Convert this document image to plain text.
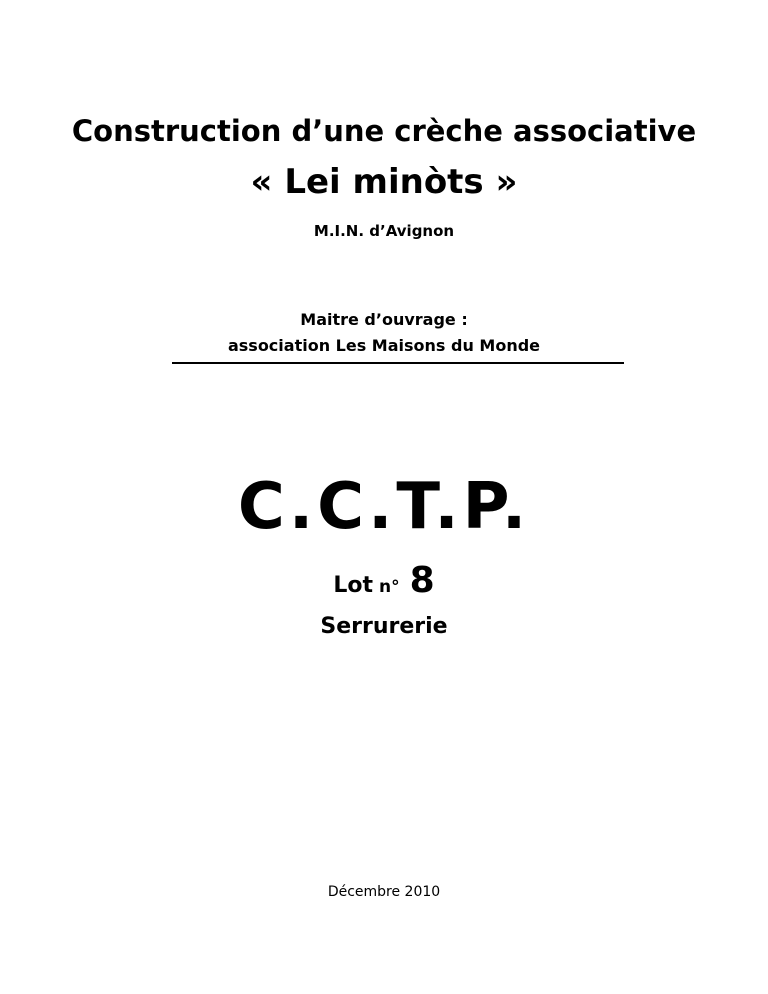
Construction d’une crèche associative
« Lei minòts »
M.I.N. d’Avignon
Maitre d’ouvrage :
association Les Maisons du Monde
C.C.T.P.
Lot n° 8
Serrurerie
Décembre 2010
